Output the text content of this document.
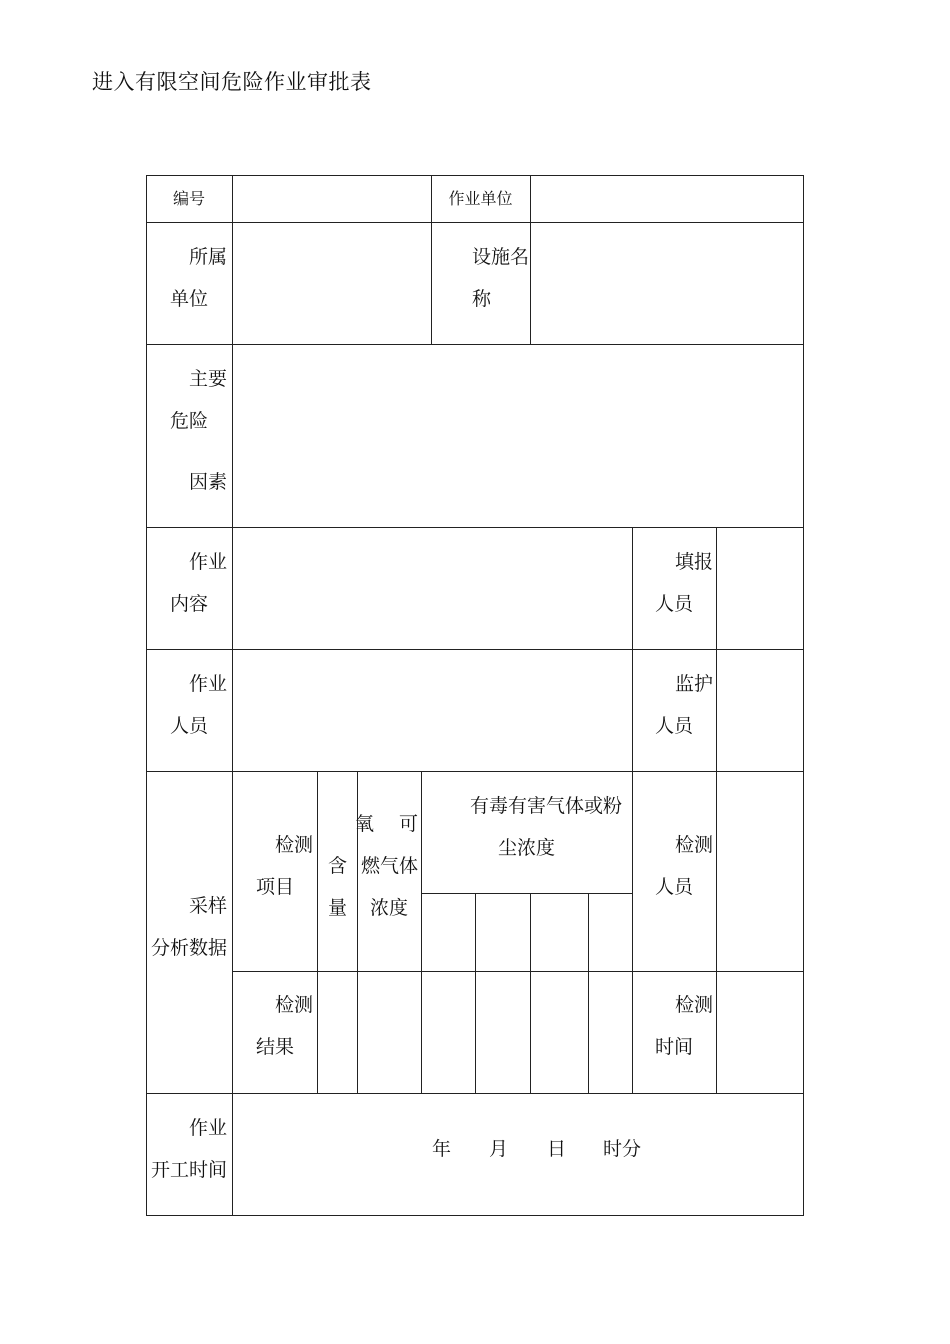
进入有限空间危险作业审批表
编号	作业单位
所属
单位
设施名
称
主要
危险
因素
作业
内容
填报
人员
作业
人员
监护
人员
采样
分析数据
检测
项目
氧
含
量
可
燃气体
浓度
有毒有害气体或粉
尘浓度	检测
人员
检测
结果
检测
时间
作业
开工时间
年 月 日 时分
